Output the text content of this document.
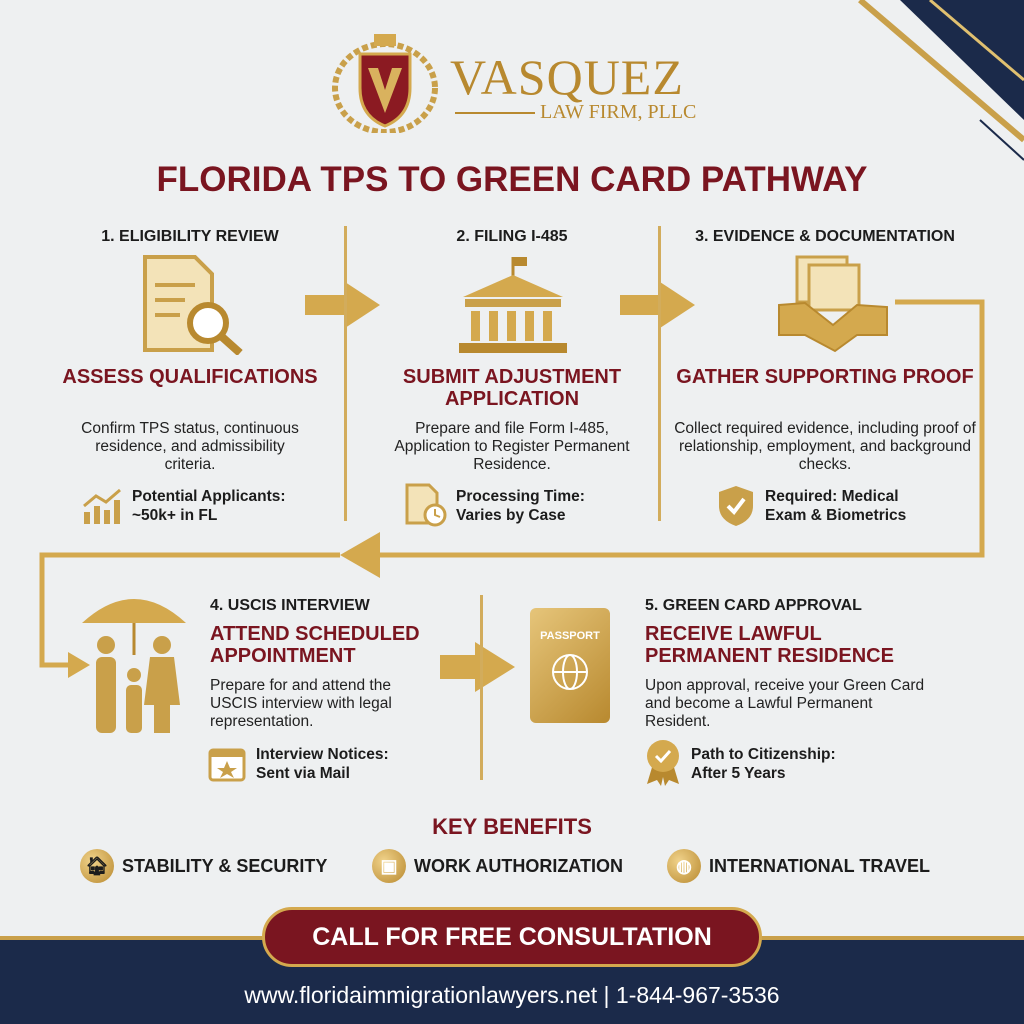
VASQUEZ
LAW FIRM, PLLC
FLORIDA TPS TO GREEN CARD PATHWAY
1. ELIGIBILITY REVIEW
ASSESS QUALIFICATIONS
Confirm TPS status, continuous residence, and admissibility criteria.
Potential Applicants:
~50k+ in FL
2. FILING I-485
SUBMIT ADJUSTMENT APPLICATION
Prepare and file Form I-485, Application to Register Permanent Residence.
Processing Time:
Varies by Case
3. EVIDENCE & DOCUMENTATION
GATHER SUPPORTING PROOF
Collect required evidence, including proof of relationship, employment, and background checks.
Required: Medical
Exam & Biometrics
4. USCIS INTERVIEW
ATTEND SCHEDULED APPOINTMENT
Prepare for and attend the USCIS interview with legal representation.
Interview Notices:
Sent via Mail
PASSPORT
5. GREEN CARD APPROVAL
RECEIVE LAWFUL PERMANENT RESIDENCE
Upon approval, receive your Green Card and become a Lawful Permanent Resident.
Path to Citizenship:
After 5 Years
KEY BENEFITS
🏠︎ STABILITY & SECURITY	▣ WORK AUTHORIZATION	◍ INTERNATIONAL TRAVEL
CALL FOR FREE CONSULTATION
www.floridaimmigrationlawyers.net | 1-844-967-3536
